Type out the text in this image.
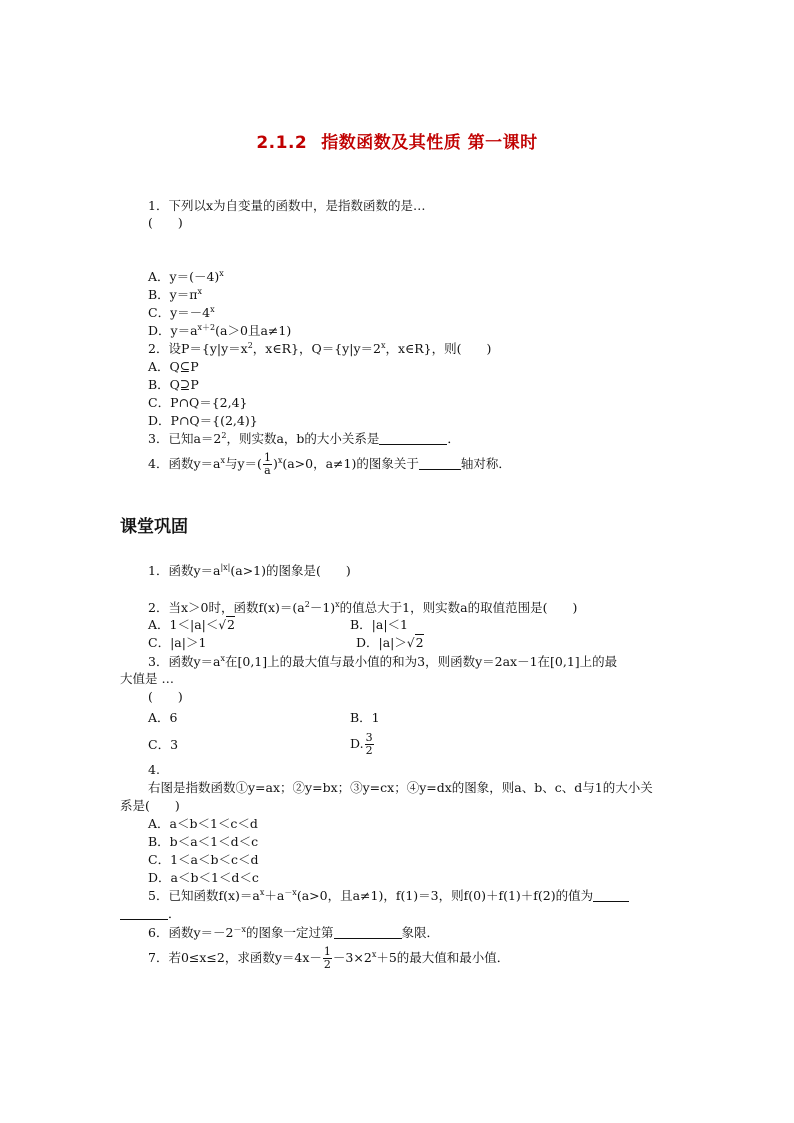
2.1.2 指数函数及其性质 第一课时
1．下列以x为自变量的函数中，是指数函数的是…
(　　)
A．$y=(-4)^x$
B．$y=\pi^x$
C．$y=-4^x$
D．$y=a^{x+2}(a>0$且a≠1)
2．设$P=\{y|y=x^2$，x∈R}，$Q=\{y|y=2^x$，x∈R}，则(　　)
A．Q⊆P
B．Q⊇P
C．P∩Q＝{2,4}
D．P∩Q＝{(2,4)}
3．已知$a=2^2$，则实数a，b的大小关系是	．
4．函数$y=a^x$与$y=( \frac{1}{a} )^x(a>0$，a≠1)的图象关于	轴对称．
课堂巩固
1．函数$y=a^{|x|}(a>1)$的图象是(　　)
2．当x＞0时，函数$f(x)=(a^2-1)^x$的值总大于1，则实数a的取值范围是(　　)
A．1＜|a|＜√2	B．|a|＜1
C．|a|＞1	D．|a|＞√2
3．函数$y=a^x$在[0,1]上的最大值与最小值的和为3，则函数y＝2ax－1在[0,1]上的最
大值是 …
(　　)
A．6	B．1
C．3	D. $\frac{3}{2}$
4.
右图是指数函数①y=ax；②y=bx；③y=cx；④y=dx的图象，则a、b、c、d与1的大小关
系是(　　)
A．a＜b＜1＜c＜d
B．b＜a＜1＜d＜c
C．1＜a＜b＜c＜d
D．a＜b＜1＜d＜c
5．已知函数$f(x)=a^x+a^{-x}(a>0$，且a≠1)，f(1)＝3，则f(0)＋f(1)＋f(2)的值为
．
6．函数$y=-2^{-x}$的图象一定过第	象限．
7．若0≤x≤2，求函数$y=4x- \frac{1}{2} -3\times 2^x+5$的最大值和最小值．
